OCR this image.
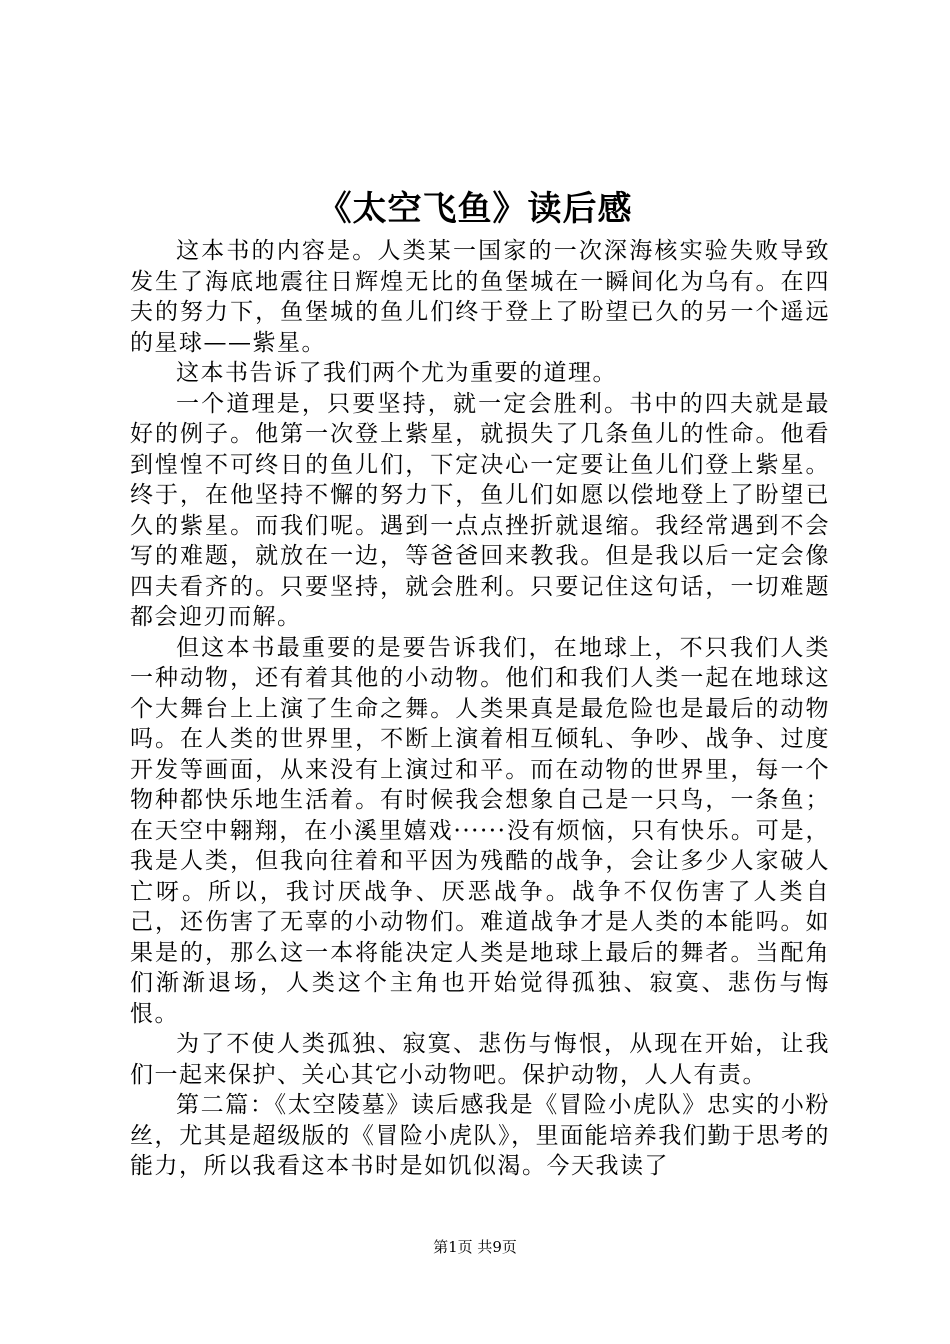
《太空飞鱼》读后感

这本书的内容是。人类某一国家的一次深海核实验失败导致发生了海底地震往日辉煌无比的鱼堡城在一瞬间化为乌有。在四夫的努力下，鱼堡城的鱼儿们终于登上了盼望已久的另一个遥远的星球——紫星。

这本书告诉了我们两个尤为重要的道理。

一个道理是，只要坚持，就一定会胜利。书中的四夫就是最好的例子。他第一次登上紫星，就损失了几条鱼儿的性命。他看到惶惶不可终日的鱼儿们，下定决心一定要让鱼儿们登上紫星。终于，在他坚持不懈的努力下，鱼儿们如愿以偿地登上了盼望已久的紫星。而我们呢。遇到一点点挫折就退缩。我经常遇到不会写的难题，就放在一边，等爸爸回来教我。但是我以后一定会像四夫看齐的。只要坚持，就会胜利。只要记住这句话，一切难题都会迎刃而解。

但这本书最重要的是要告诉我们，在地球上，不只我们人类一种动物，还有着其他的小动物。他们和我们人类一起在地球这个大舞台上上演了生命之舞。人类果真是最危险也是最后的动物吗。在人类的世界里，不断上演着相互倾轧、争吵、战争、过度开发等画面，从来没有上演过和平。而在动物的世界里，每一个物种都快乐地生活着。有时候我会想象自己是一只鸟，一条鱼；在天空中翱翔，在小溪里嬉戏······没有烦恼，只有快乐。可是，我是人类，但我向往着和平因为残酷的战争，会让多少人家破人亡呀。所以，我讨厌战争、厌恶战争。战争不仅伤害了人类自己，还伤害了无辜的小动物们。难道战争才是人类的本能吗。如果是的，那么这一本将能决定人类是地球上最后的舞者。当配角们渐渐退场，人类这个主角也开始觉得孤独、寂寞、悲伤与悔恨。

为了不使人类孤独、寂寞、悲伤与悔恨，从现在开始，让我们一起来保护、关心其它小动物吧。保护动物，人人有责。

第二篇：《太空陵墓》读后感我是《冒险小虎队》忠实的小粉丝，尤其是超级版的《冒险小虎队》，里面能培养我们勤于思考的能力，所以我看这本书时是如饥似渴。今天我读了

第1页 共9页
